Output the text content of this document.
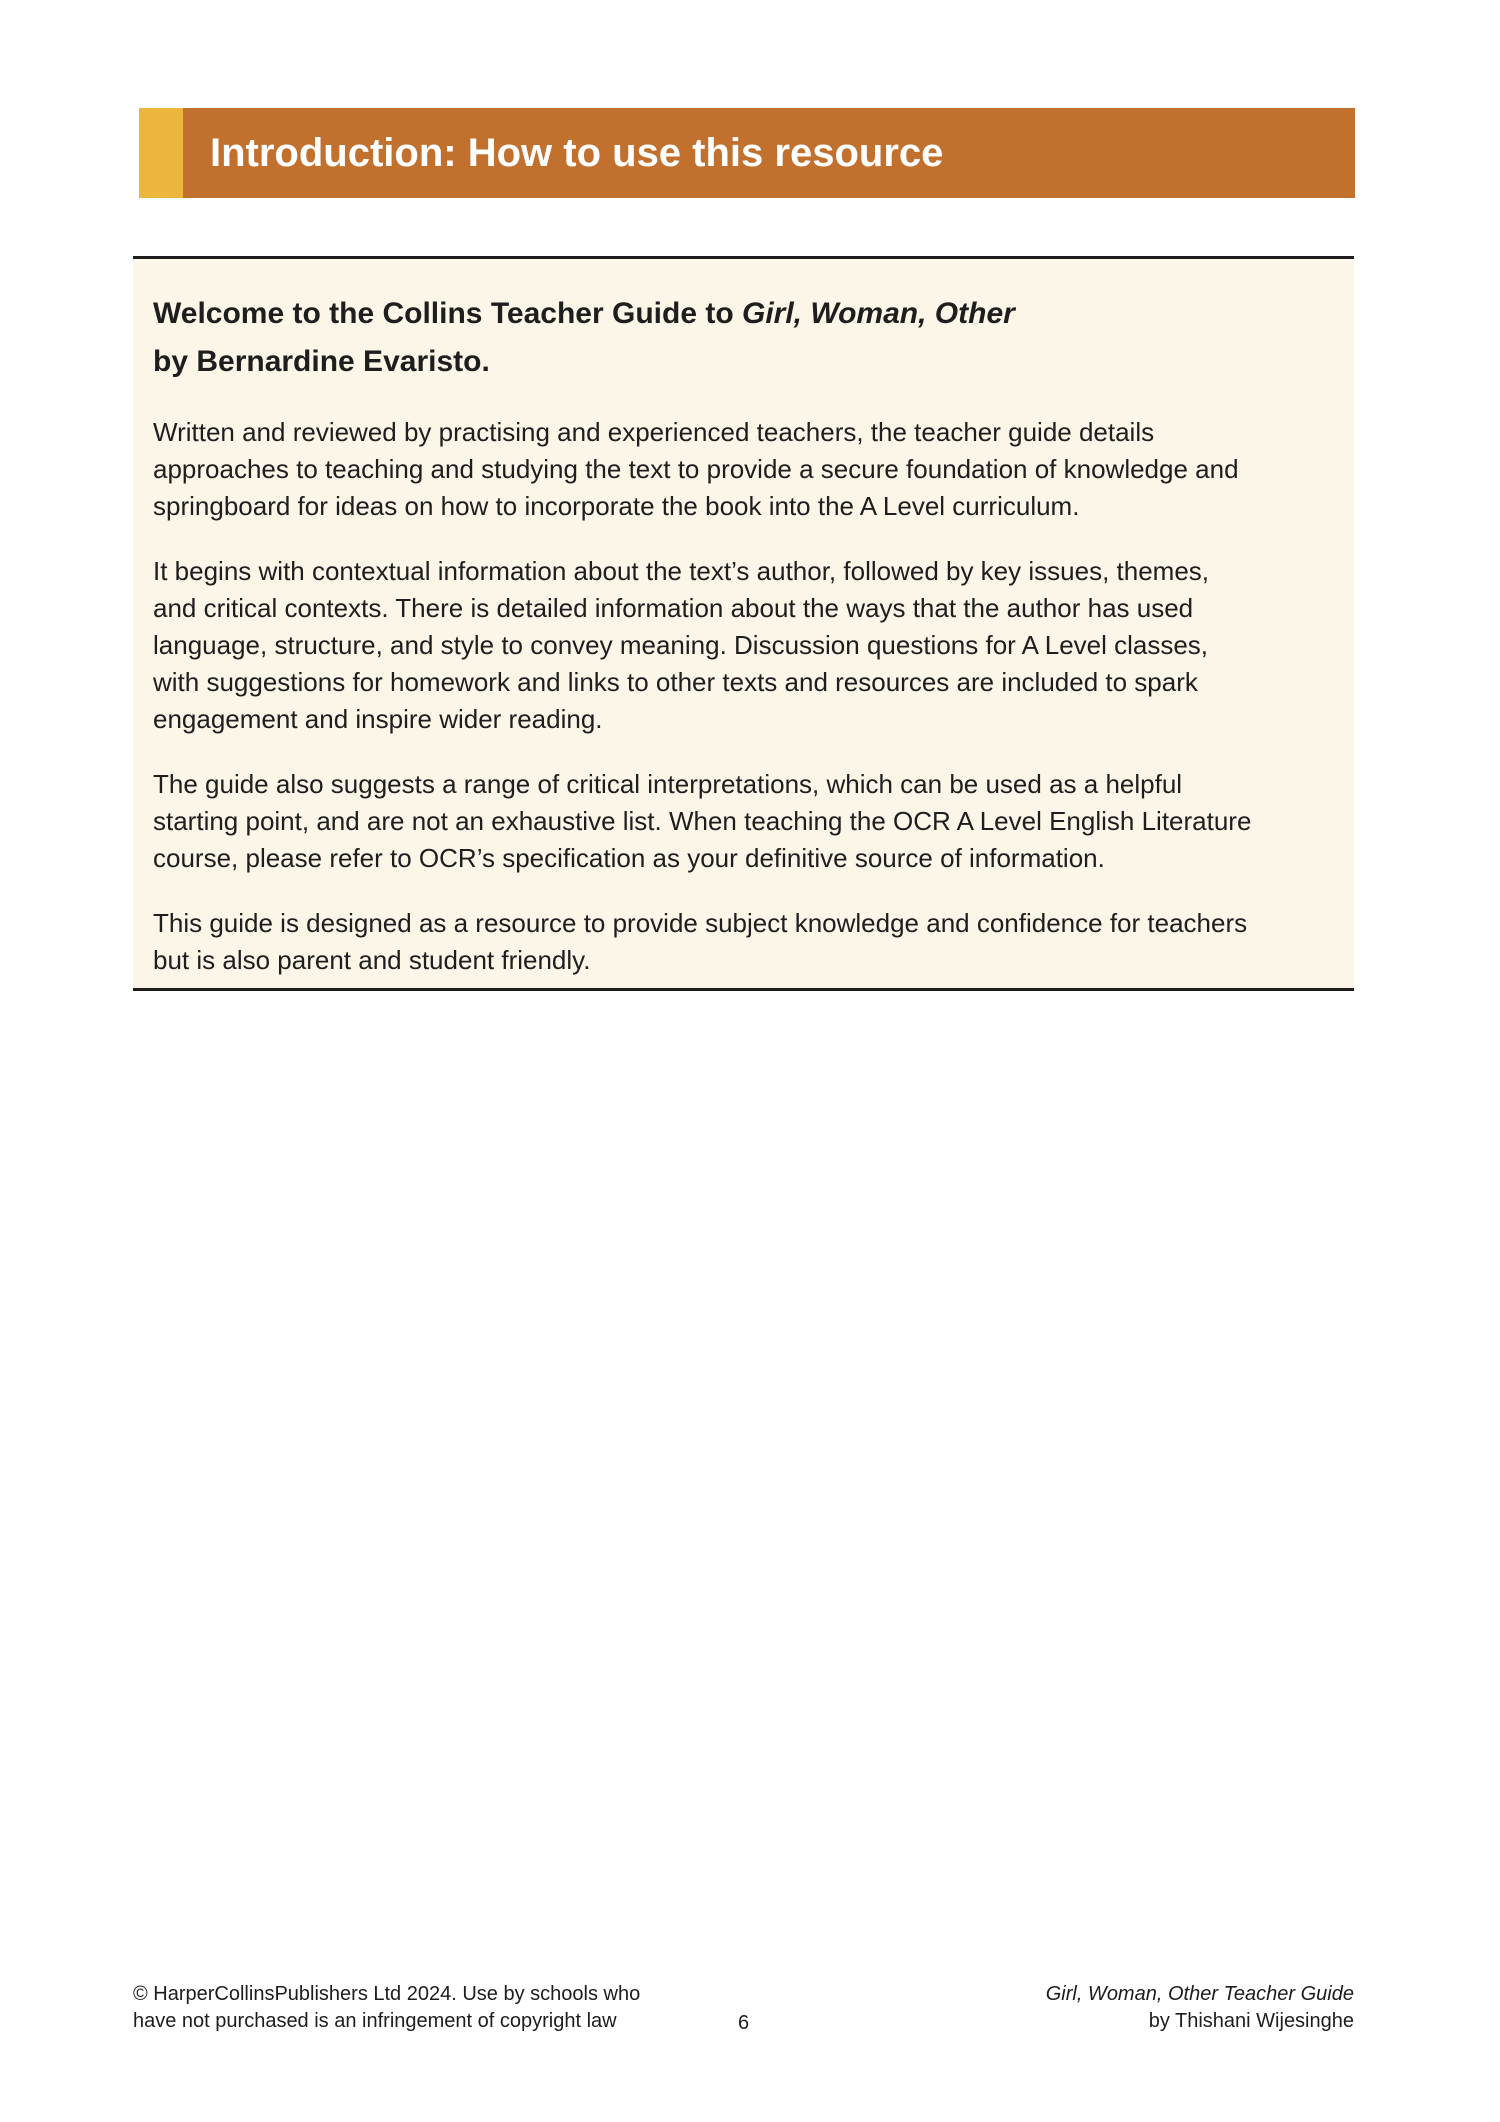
Introduction: How to use this resource
Welcome to the Collins Teacher Guide to Girl, Woman, Other
by Bernardine Evaristo.
Written and reviewed by practising and experienced teachers, the teacher guide details
approaches to teaching and studying the text to provide a secure foundation of knowledge and
springboard for ideas on how to incorporate the book into the A Level curriculum.
It begins with contextual information about the text’s author, followed by key issues, themes,
and critical contexts. There is detailed information about the ways that the author has used
language, structure, and style to convey meaning. Discussion questions for A Level classes,
with suggestions for homework and links to other texts and resources are included to spark
engagement and inspire wider reading.
The guide also suggests a range of critical interpretations, which can be used as a helpful
starting point, and are not an exhaustive list. When teaching the OCR A Level English Literature
course, please refer to OCR’s specification as your definitive source of information.
This guide is designed as a resource to provide subject knowledge and confidence for teachers
but is also parent and student friendly.
© HarperCollinsPublishers Ltd 2024. Use by schools who
have not purchased is an infringement of copyright law	6
Girl, Woman, Other Teacher Guide
by Thishani Wijesinghe
